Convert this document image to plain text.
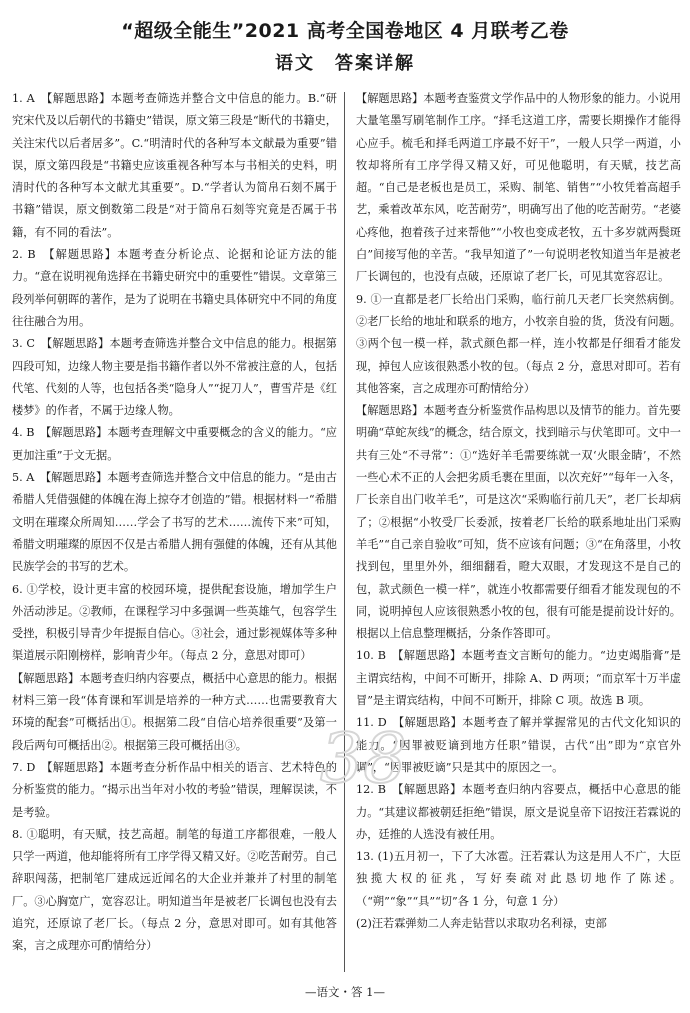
“超级全能生”2021 高考全国卷地区 4 月联考乙卷
语文　答案详解

1. A　【解题思路】本题考查筛选并整合文中信息的能力。B.“研究宋代及以后朝代的书籍史”错误，原文第三段是“断代的书籍史，关注宋代以后者居多”。C.“明清时代的各种写本文献最为重要”错误，原文第四段是“书籍史应该重视各种写本与书相关的史料，明清时代的各种写本文献尤其重要”。D.“学者认为简帛石刻不属于书籍”错误，原文倒数第二段是“对于简帛石刻等究竟是否属于书籍，有不同的看法”。

2. B　【解题思路】本题考查分析论点、论据和论证方法的能力。“意在说明视角选择在书籍史研究中的重要性”错误。文章第三段列举何朝晖的著作，是为了说明在书籍史具体研究中不同的角度往往融合为用。

3. C　【解题思路】本题考查筛选并整合文中信息的能力。根据第四段可知，边缘人物主要是指书籍作者以外不常被注意的人，包括代笔、代刻的人等，也包括各类“隐身人”“捉刀人”，曹雪芹是《红楼梦》的作者，不属于边缘人物。

4. B　【解题思路】本题考查理解文中重要概念的含义的能力。“应更加注重”于文无据。

5. A　【解题思路】本题考查筛选并整合文中信息的能力。“是由古希腊人凭借强健的体魄在海上掠夺才创造的”错。根据材料一“希腊文明在璀璨众所周知……学会了书写的艺术……流传下来”可知，希腊文明璀璨的原因不仅是古希腊人拥有强健的体魄，还有从其他民族学会的书写的艺术。

6. ①学校，设计更丰富的校园环境，提供配套设施，增加学生户外活动涉足。②教师，在课程学习中多强调一些英雄气，包容学生受挫，积极引导青少年提振自信心。③社会，通过影视媒体等多种渠道展示阳刚榜样，影响青少年。（每点 2 分，意思对即可）

【解题思路】本题考查归纳内容要点，概括中心意思的能力。根据材料三第一段“体育课和军训是培养的一种方式……也需要教育大环境的配套”可概括出①。根据第二段“自信心培养很重要”及第一段后两句可概括出②。根据第三段可概括出③。

7. D　【解题思路】本题考查分析作品中相关的语言、艺术特色的分析鉴赏的能力。“揭示出当年对小牧的考验”错误，理解误读，不是考验。

8. ①聪明，有天赋，技艺高超。制笔的每道工序都很难，一般人只学一两道，他却能将所有工序学得又精又好。②吃苦耐劳。自己辞职闯荡，把制笔厂建成远近闻名的大企业并兼并了村里的制笔厂。③心胸宽广，宽容忍让。明知道当年是被老厂长调包也没有去追究，还原谅了老厂长。（每点 2 分，意思对即可。如有其他答案，言之成理亦可酌情给分）

【解题思路】本题考查鉴赏文学作品中的人物形象的能力。小说用大量笔墨写刷笔制作工序。“择毛这道工序，需要长期操作才能得心应手。梳毛和择毛两道工序最不好干”，一般人只学一两道，小牧却将所有工序学得又精又好，可见他聪明，有天赋，技艺高超。“自己是老板也是员工，采购、制笔、销售”“小牧凭着高超手艺，乘着改革东风，吃苦耐劳”，明确写出了他的吃苦耐劳。“老婆心疼他，抱着孩子过来帮他”“小牧也变成老牧，五十多岁就两鬓斑白”间接写他的辛苦。“我早知道了”一句说明老牧知道当年是被老厂长调包的，也没有点破，还原谅了老厂长，可见其宽容忍让。

9. ①一直都是老厂长给出门采购，临行前几天老厂长突然病倒。②老厂长给的地址和联系的地方，小牧亲自验的货，货没有问题。③两个包一模一样，款式颜色都一样，连小牧都是仔细看才能发现，掉包人应该很熟悉小牧的包。（每点 2 分，意思对即可。若有其他答案，言之成理亦可酌情给分）

【解题思路】本题考查分析鉴赏作品构思以及情节的能力。首先要明确“草蛇灰线”的概念，结合原文，找到暗示与伏笔即可。文中一共有三处“不寻常”：①“选好羊毛需要练就一双‘火眼金睛’，不然一些心术不正的人会把劣质毛裹在里面，以次充好”“每年一入冬，厂长亲自出门收羊毛”，可是这次“采购临行前几天”，老厂长却病了；②根据“小牧受厂长委派，按着老厂长给的联系地址出门采购羊毛”“自己亲自验收”可知，货不应该有问题；③“在角落里，小牧找到包，里里外外，细细翻看，瞪大双眼，才发现这不是自己的包，款式颜色一模一样”，就连小牧都需要仔细看才能发现包的不同，说明掉包人应该很熟悉小牧的包，很有可能是提前设计好的。根据以上信息整理概括，分条作答即可。

10. B　【解题思路】本题考查文言断句的能力。“边吏竭脂膏”是主谓宾结构，中间不可断开，排除 A、D 两项；“而京军十万半虚冒”是主谓宾结构，中间不可断开，排除 C 项。故选 B 项。

11. D　【解题思路】本题考查了解并掌握常见的古代文化知识的能力。“因罪被贬谪到地方任职”错误，古代“出”即为“京官外调”，“因罪被贬谪”只是其中的原因之一。

12. B　【解题思路】本题考查归纳内容要点，概括中心意思的能力。“其建议都被朝廷拒绝”错误，原文是说皇帝下诏按汪若霖说的办，廷推的人选没有被任用。

13. (1)五月初一，下了大冰雹。汪若霖认为这是用人不广，大臣独揽大权的征兆，写好奏疏对此恳切地作了陈述。（“朔”“象”“具”“切”各 1 分，句意 1 分）

(2)汪若霖弹劾二人奔走钻营以求取功名利禄，吏部

38
—语文・答 1—
